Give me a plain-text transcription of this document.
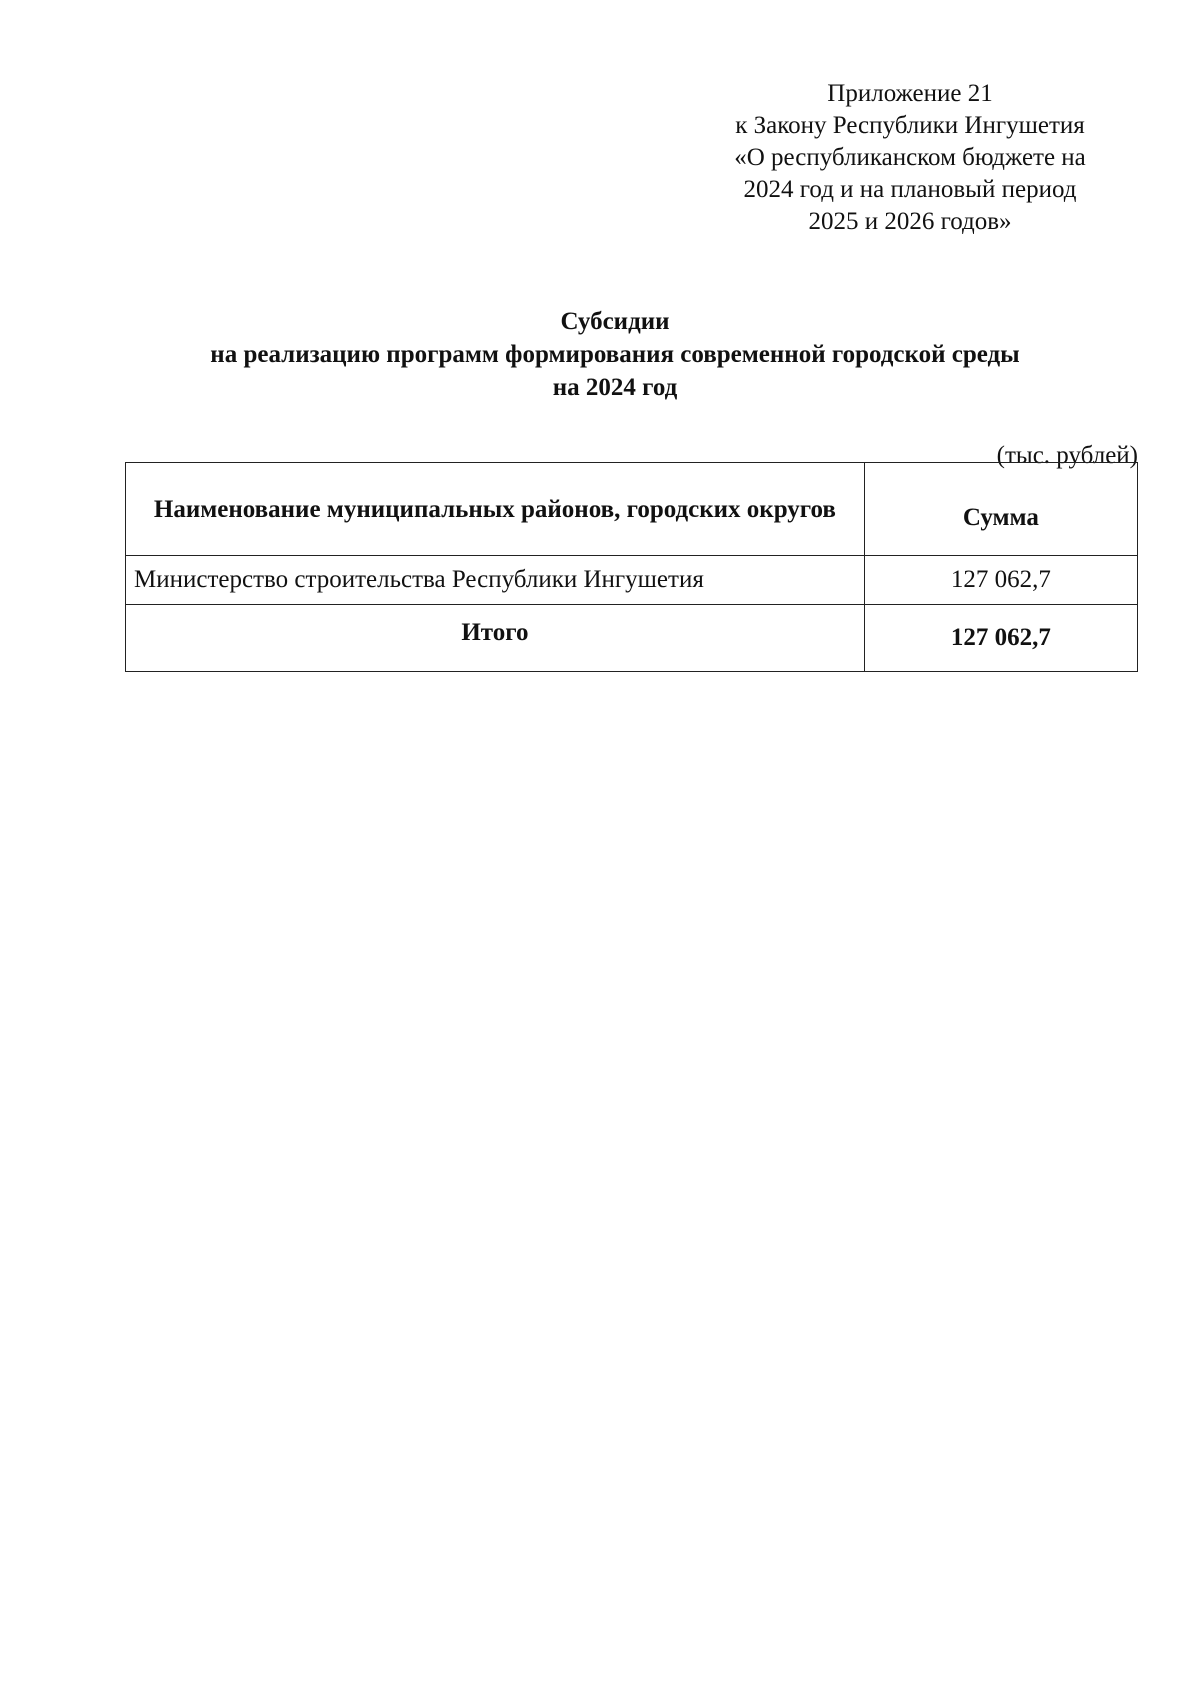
Приложение 21
к Закону Республики Ингушетия
«О республиканском бюджете на
2024 год и на плановый период
2025 и 2026 годов»
Субсидии
на реализацию программ формирования современной городской среды
на 2024 год
(тыс. рублей)
Наименование муниципальных районов, городских округов	Сумма
Министерство строительства Республики Ингушетия	127 062,7
Итого	127 062,7
